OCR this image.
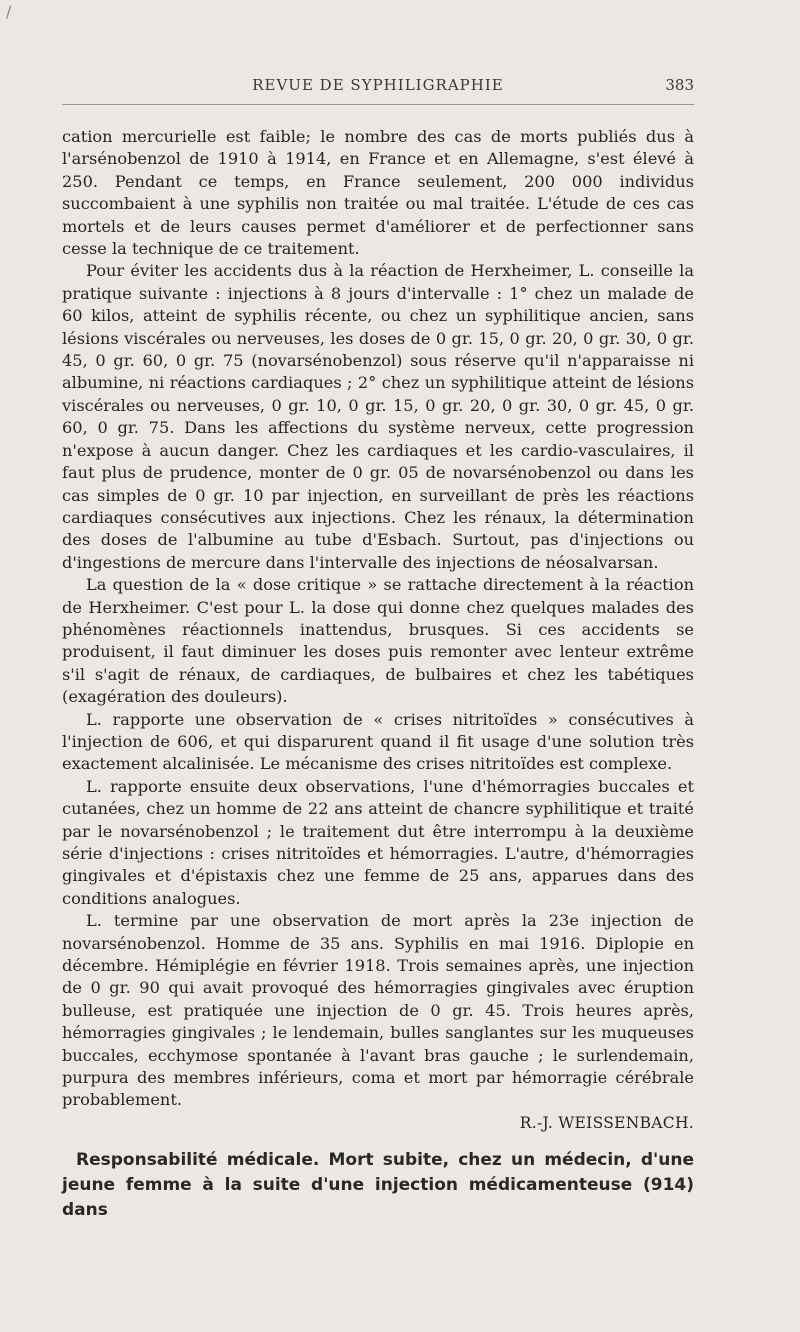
/
REVUE DE SYPHILIGRAPHIE	383

cation mercurielle est faible; le nombre des cas de morts publiés dus à l'arsénobenzol de 1910 à 1914, en France et en Allemagne, s'est élevé à 250. Pendant ce temps, en France seulement, 200 000 individus succombaient à une syphilis non traitée ou mal traitée. L'étude de ces cas mortels et de leurs causes permet d'améliorer et de perfectionner sans cesse la technique de ce traitement.

Pour éviter les accidents dus à la réaction de Herxheimer, L. conseille la pratique suivante : injections à 8 jours d'intervalle : 1° chez un malade de 60 kilos, atteint de syphilis récente, ou chez un syphilitique ancien, sans lésions viscérales ou nerveuses, les doses de 0 gr. 15, 0 gr. 20, 0 gr. 30, 0 gr. 45, 0 gr. 60, 0 gr. 75 (novarsénobenzol) sous réserve qu'il n'apparaisse ni albumine, ni réactions cardiaques ; 2° chez un syphilitique atteint de lésions viscérales ou nerveuses, 0 gr. 10, 0 gr. 15, 0 gr. 20, 0 gr. 30, 0 gr. 45, 0 gr. 60, 0 gr. 75. Dans les affections du système nerveux, cette progression n'expose à aucun danger. Chez les cardiaques et les cardio-vasculaires, il faut plus de prudence, monter de 0 gr. 05 de novarsénobenzol ou dans les cas simples de 0 gr. 10 par injection, en surveillant de près les réactions cardiaques consécutives aux injections. Chez les rénaux, la détermination des doses de l'albumine au tube d'Esbach. Surtout, pas d'injections ou d'ingestions de mercure dans l'intervalle des injections de néosalvarsan.

La question de la « dose critique » se rattache directement à la réaction de Herxheimer. C'est pour L. la dose qui donne chez quelques malades des phénomènes réactionnels inattendus, brusques. Si ces accidents se produisent, il faut diminuer les doses puis remonter avec lenteur extrême s'il s'agit de rénaux, de cardiaques, de bulbaires et chez les tabétiques (exagération des douleurs).

L. rapporte une observation de « crises nitritoïdes » consécutives à l'injection de 606, et qui disparurent quand il fit usage d'une solution très exactement alcalinisée. Le mécanisme des crises nitritoïdes est complexe.

L. rapporte ensuite deux observations, l'une d'hémorragies buccales et cutanées, chez un homme de 22 ans atteint de chancre syphilitique et traité par le novarsénobenzol ; le traitement dut être interrompu à la deuxième série d'injections : crises nitritoïdes et hémorragies. L'autre, d'hémorragies gingivales et d'épistaxis chez une femme de 25 ans, apparues dans des conditions analogues.

L. termine par une observation de mort après la 23e injection de novarsénobenzol. Homme de 35 ans. Syphilis en mai 1916. Diplopie en décembre. Hémiplégie en février 1918. Trois semaines après, une injection de 0 gr. 90 qui avait provoqué des hémorragies gingivales avec éruption bulleuse, est pratiquée une injection de 0 gr. 45. Trois heures après, hémorragies gingivales ; le lendemain, bulles sanglantes sur les muqueuses buccales, ecchymose spontanée à l'avant bras gauche ; le surlendemain, purpura des membres inférieurs, coma et mort par hémorragie cérébrale probablement.

R.-J. WEISSENBACH.
Responsabilité médicale. Mort subite, chez un médecin, d'une jeune femme à la suite d'une injection médicamenteuse (914) dans
